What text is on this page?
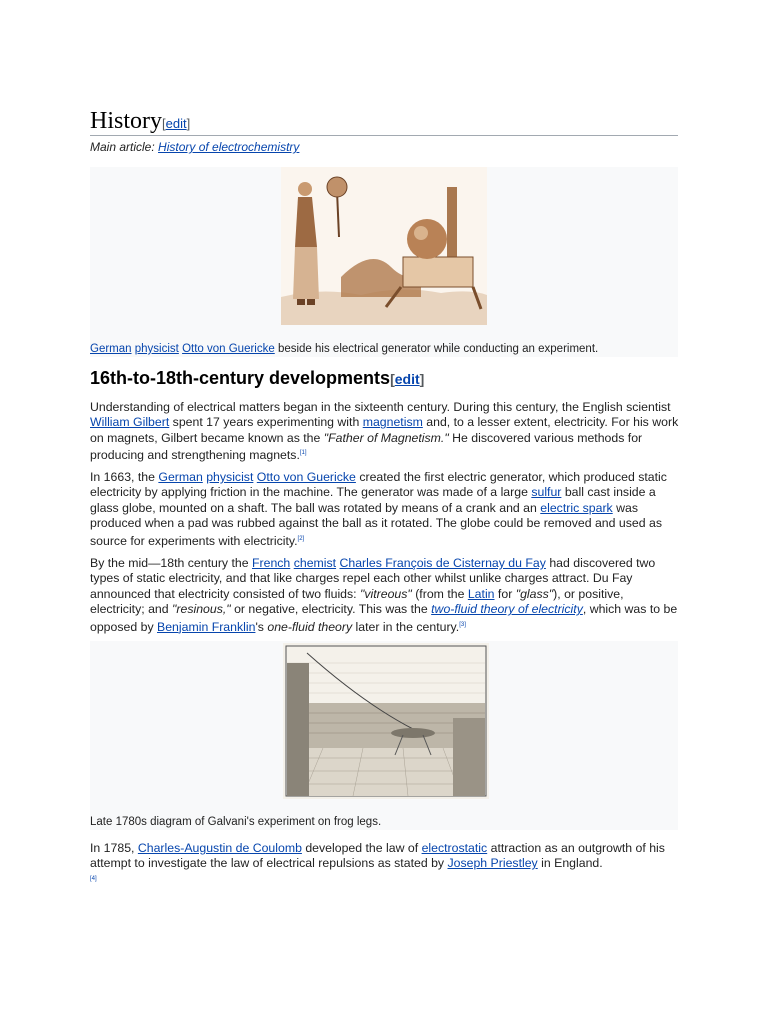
History[edit]
Main article: History of electrochemistry
German physicist Otto von Guericke beside his electrical generator while conducting an experiment.
16th-to-18th-century developments[edit]
Understanding of electrical matters began in the sixteenth century. During this century, the English scientist William Gilbert spent 17 years experimenting with magnetism and, to a lesser extent, electricity. For his work on magnets, Gilbert became known as the "Father of Magnetism." He discovered various methods for producing and strengthening magnets.[1]
In 1663, the German physicist Otto von Guericke created the first electric generator, which produced static electricity by applying friction in the machine. The generator was made of a large sulfur ball cast inside a glass globe, mounted on a shaft. The ball was rotated by means of a crank and an electric spark was produced when a pad was rubbed against the ball as it rotated. The globe could be removed and used as source for experiments with electricity.[2]
By the mid—18th century the French chemist Charles François de Cisternay du Fay had discovered two types of static electricity, and that like charges repel each other whilst unlike charges attract. Du Fay announced that electricity consisted of two fluids: "vitreous" (from the Latin for "glass"), or positive, electricity; and "resinous," or negative, electricity. This was the two-fluid theory of electricity, which was to be opposed by Benjamin Franklin's one-fluid theory later in the century.[3]
Late 1780s diagram of Galvani's experiment on frog legs.
In 1785, Charles-Augustin de Coulomb developed the law of electrostatic attraction as an outgrowth of his attempt to investigate the law of electrical repulsions as stated by Joseph Priestley in England.
[4]
